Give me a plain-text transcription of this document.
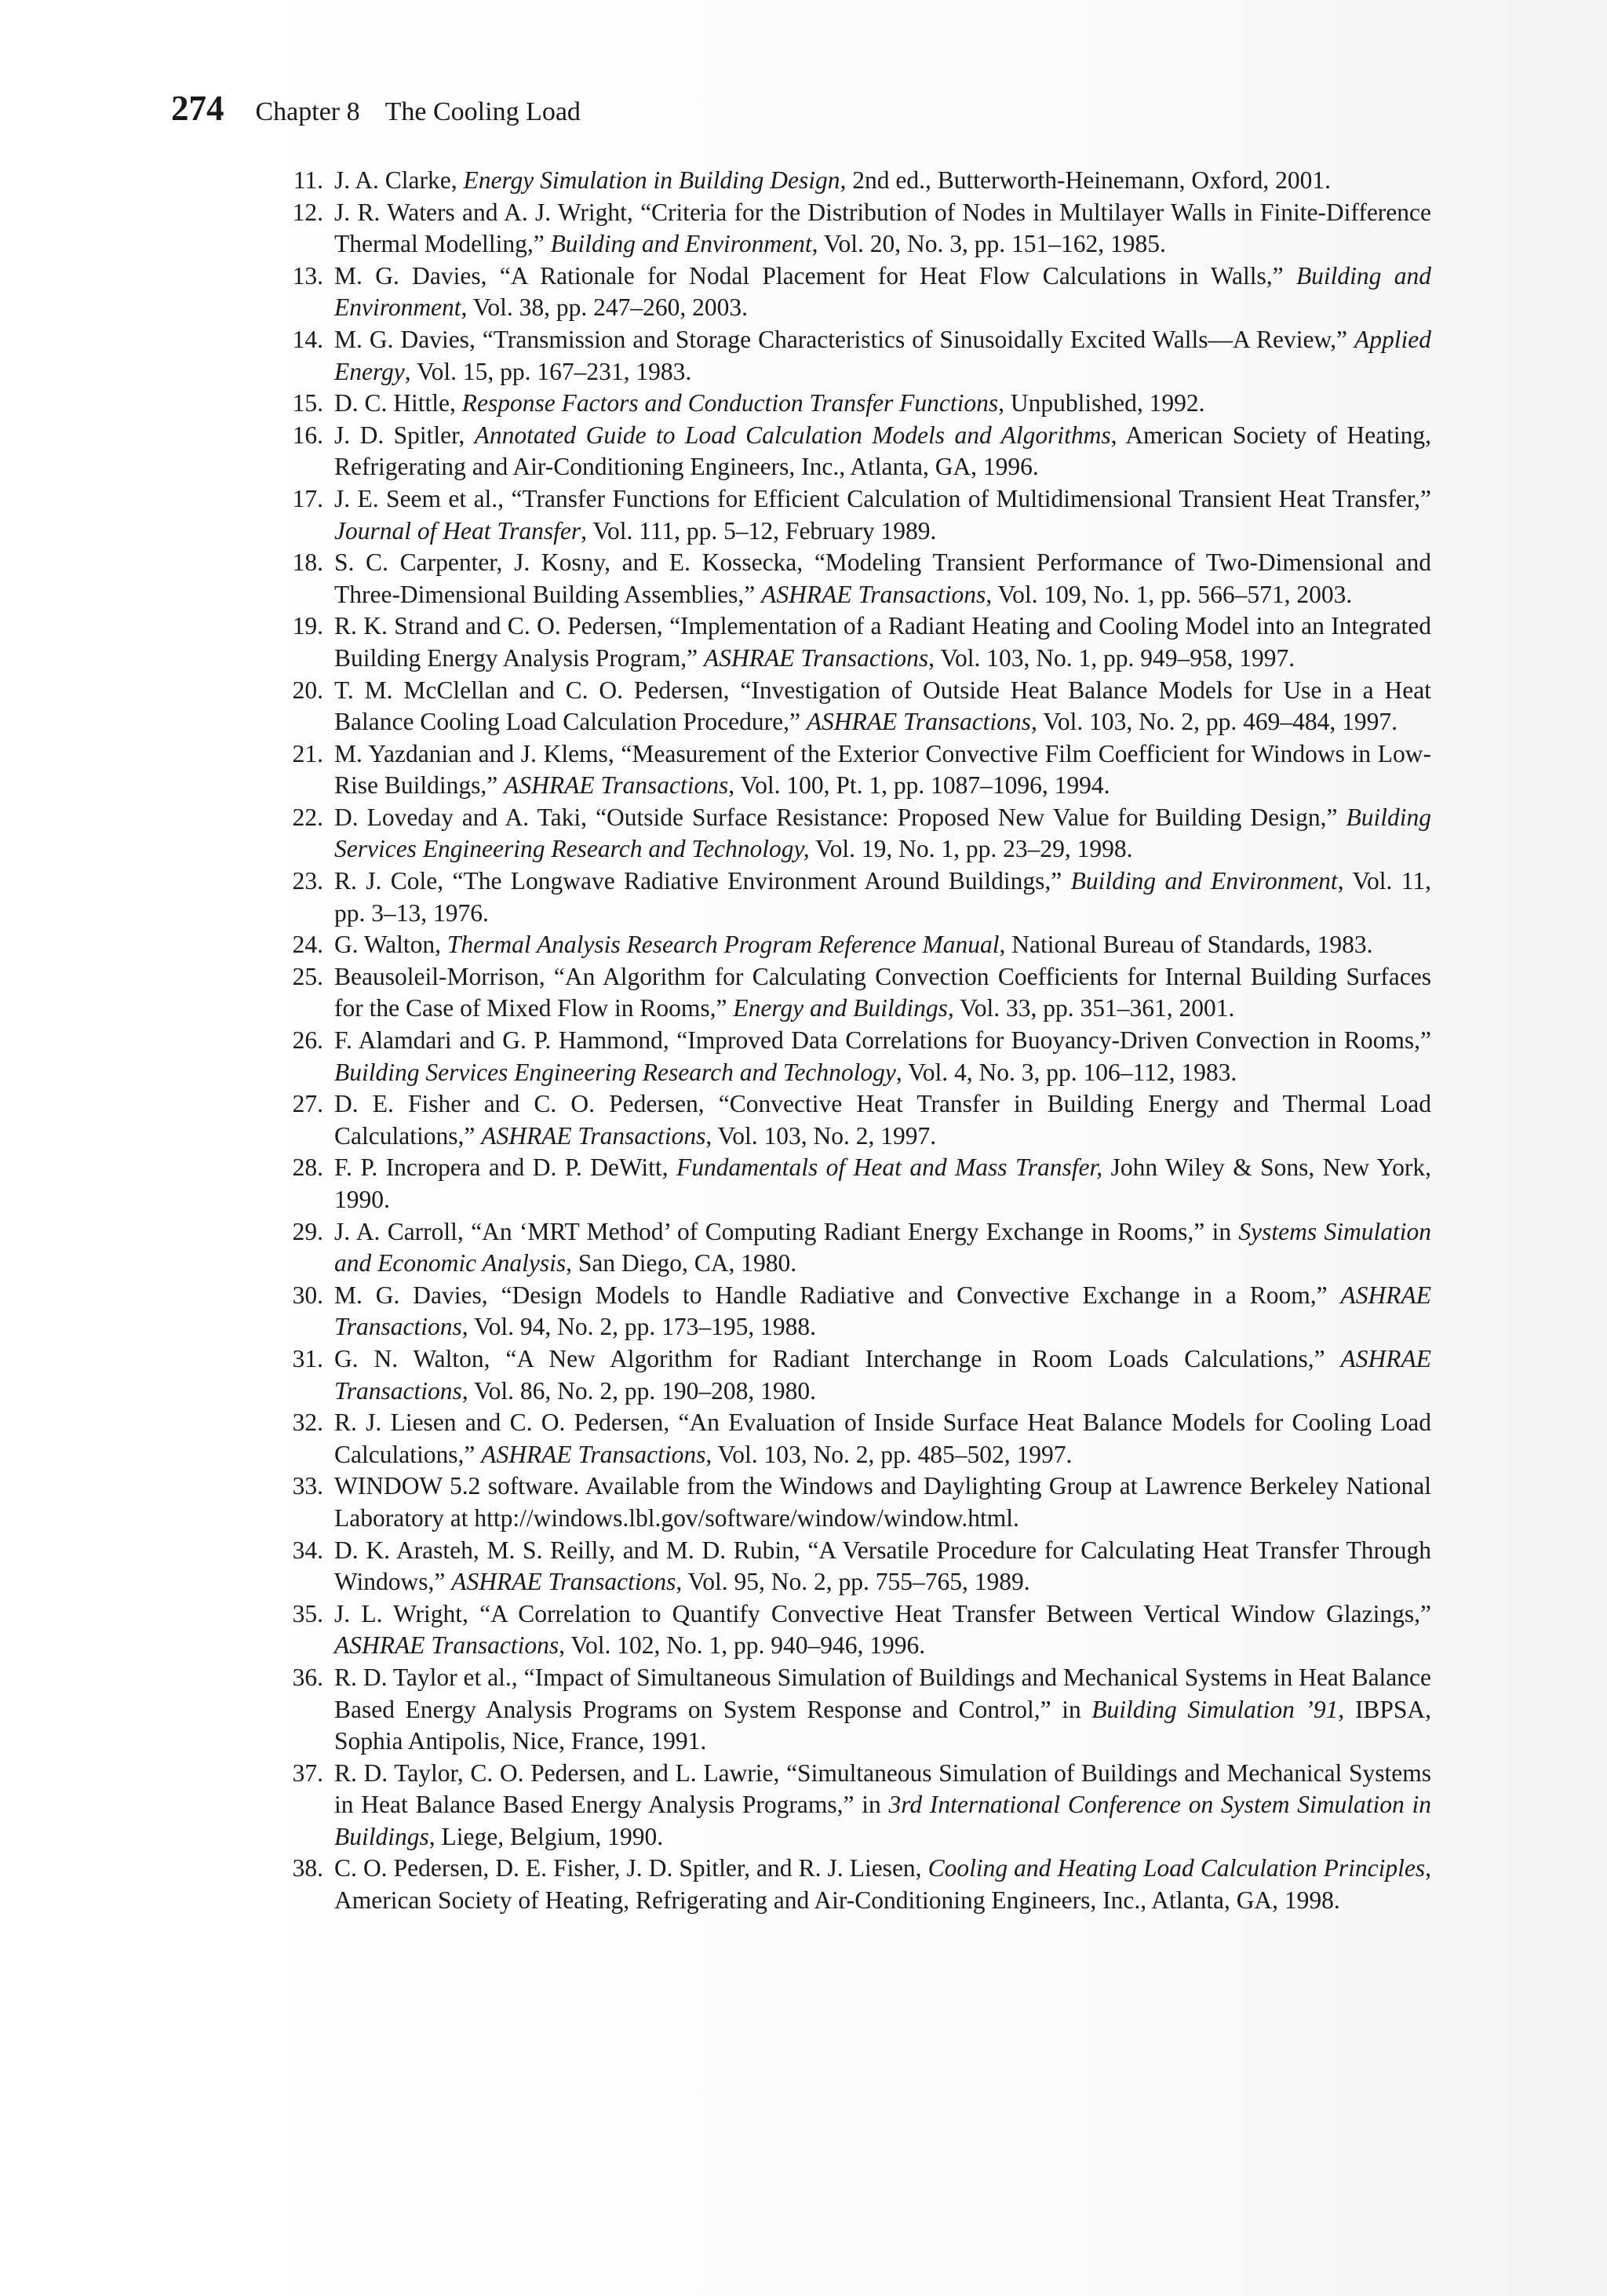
274 Chapter 8 The Cooling Load
11. J. A. Clarke, Energy Simulation in Building Design, 2nd ed., Butterworth-Heinemann, Oxford, 2001.
12. J. R. Waters and A. J. Wright, “Criteria for the Distribution of Nodes in Multilayer Walls in Finite-Difference Thermal Modelling,” Building and Environment, Vol. 20, No. 3, pp. 151–162, 1985.
13. M. G. Davies, “A Rationale for Nodal Placement for Heat Flow Calculations in Walls,” Building and Environment, Vol. 38, pp. 247–260, 2003.
14. M. G. Davies, “Transmission and Storage Characteristics of Sinusoidally Excited Walls—A Review,” Applied Energy, Vol. 15, pp. 167–231, 1983.
15. D. C. Hittle, Response Factors and Conduction Transfer Functions, Unpublished, 1992.
16. J. D. Spitler, Annotated Guide to Load Calculation Models and Algorithms, American Society of Heating, Refrigerating and Air-Conditioning Engineers, Inc., Atlanta, GA, 1996.
17. J. E. Seem et al., “Transfer Functions for Efficient Calculation of Multidimensional Transient Heat Transfer,” Journal of Heat Transfer, Vol. 111, pp. 5–12, February 1989.
18. S. C. Carpenter, J. Kosny, and E. Kossecka, “Modeling Transient Performance of Two-Dimensional and Three-Dimensional Building Assemblies,” ASHRAE Transactions, Vol. 109, No. 1, pp. 566–571, 2003.
19. R. K. Strand and C. O. Pedersen, “Implementation of a Radiant Heating and Cooling Model into an Integrated Building Energy Analysis Program,” ASHRAE Transactions, Vol. 103, No. 1, pp. 949–958, 1997.
20. T. M. McClellan and C. O. Pedersen, “Investigation of Outside Heat Balance Models for Use in a Heat Balance Cooling Load Calculation Procedure,” ASHRAE Transactions, Vol. 103, No. 2, pp. 469–484, 1997.
21. M. Yazdanian and J. Klems, “Measurement of the Exterior Convective Film Coefficient for Windows in Low-Rise Buildings,” ASHRAE Transactions, Vol. 100, Pt. 1, pp. 1087–1096, 1994.
22. D. Loveday and A. Taki, “Outside Surface Resistance: Proposed New Value for Building Design,” Building Services Engineering Research and Technology, Vol. 19, No. 1, pp. 23–29, 1998.
23. R. J. Cole, “The Longwave Radiative Environment Around Buildings,” Building and Environment, Vol. 11, pp. 3–13, 1976.
24. G. Walton, Thermal Analysis Research Program Reference Manual, National Bureau of Standards, 1983.
25. Beausoleil-Morrison, “An Algorithm for Calculating Convection Coefficients for Internal Building Surfaces for the Case of Mixed Flow in Rooms,” Energy and Buildings, Vol. 33, pp. 351–361, 2001.
26. F. Alamdari and G. P. Hammond, “Improved Data Correlations for Buoyancy-Driven Convection in Rooms,” Building Services Engineering Research and Technology, Vol. 4, No. 3, pp. 106–112, 1983.
27. D. E. Fisher and C. O. Pedersen, “Convective Heat Transfer in Building Energy and Thermal Load Calculations,” ASHRAE Transactions, Vol. 103, No. 2, 1997.
28. F. P. Incropera and D. P. DeWitt, Fundamentals of Heat and Mass Transfer, John Wiley & Sons, New York, 1990.
29. J. A. Carroll, “An ‘MRT Method’ of Computing Radiant Energy Exchange in Rooms,” in Systems Simulation and Economic Analysis, San Diego, CA, 1980.
30. M. G. Davies, “Design Models to Handle Radiative and Convective Exchange in a Room,” ASHRAE Transactions, Vol. 94, No. 2, pp. 173–195, 1988.
31. G. N. Walton, “A New Algorithm for Radiant Interchange in Room Loads Calculations,” ASHRAE Transactions, Vol. 86, No. 2, pp. 190–208, 1980.
32. R. J. Liesen and C. O. Pedersen, “An Evaluation of Inside Surface Heat Balance Models for Cooling Load Calculations,” ASHRAE Transactions, Vol. 103, No. 2, pp. 485–502, 1997.
33. WINDOW 5.2 software. Available from the Windows and Daylighting Group at Lawrence Berkeley National Laboratory at http://windows.lbl.gov/software/window/window.html.
34. D. K. Arasteh, M. S. Reilly, and M. D. Rubin, “A Versatile Procedure for Calculating Heat Transfer Through Windows,” ASHRAE Transactions, Vol. 95, No. 2, pp. 755–765, 1989.
35. J. L. Wright, “A Correlation to Quantify Convective Heat Transfer Between Vertical Window Glazings,” ASHRAE Transactions, Vol. 102, No. 1, pp. 940–946, 1996.
36. R. D. Taylor et al., “Impact of Simultaneous Simulation of Buildings and Mechanical Systems in Heat Balance Based Energy Analysis Programs on System Response and Control,” in Building Simulation ’91, IBPSA, Sophia Antipolis, Nice, France, 1991.
37. R. D. Taylor, C. O. Pedersen, and L. Lawrie, “Simultaneous Simulation of Buildings and Mechanical Systems in Heat Balance Based Energy Analysis Programs,” in 3rd International Conference on System Simulation in Buildings, Liege, Belgium, 1990.
38. C. O. Pedersen, D. E. Fisher, J. D. Spitler, and R. J. Liesen, Cooling and Heating Load Calculation Principles, American Society of Heating, Refrigerating and Air-Conditioning Engineers, Inc., Atlanta, GA, 1998.
